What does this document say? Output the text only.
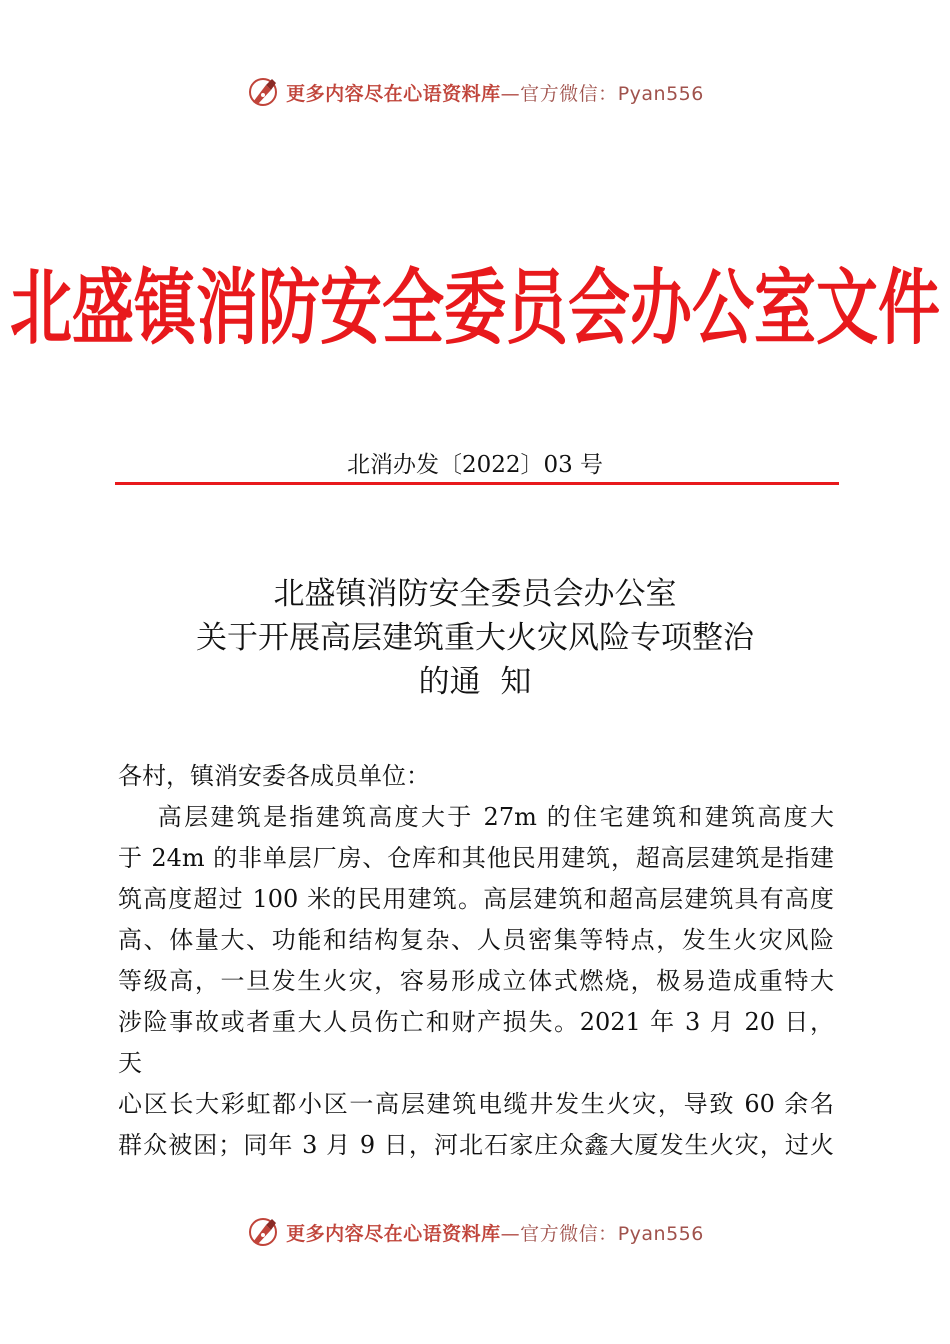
更多内容尽在心语资料库—官方微信：Pyan556
北盛镇消防安全委员会办公室文件
北消办发〔2022〕03 号
北盛镇消防安全委员会办公室
关于开展高层建筑重大火灾风险专项整治
的通  知
各村，镇消安委各成员单位：
高层建筑是指建筑高度大于 27m 的住宅建筑和建筑高度大
于 24m 的非单层厂房、仓库和其他民用建筑，超高层建筑是指建
筑高度超过 100 米的民用建筑。高层建筑和超高层建筑具有高度
高、体量大、功能和结构复杂、人员密集等特点，发生火灾风险
等级高，一旦发生火灾，容易形成立体式燃烧，极易造成重特大
涉险事故或者重大人员伤亡和财产损失。2021 年 3 月 20 日，
天
心区长大彩虹都小区一高层建筑电缆井发生火灾，导致 60 余名
群众被困；同年 3 月 9 日，河北石家庄众鑫大厦发生火灾，过火
更多内容尽在心语资料库—官方微信：Pyan556
